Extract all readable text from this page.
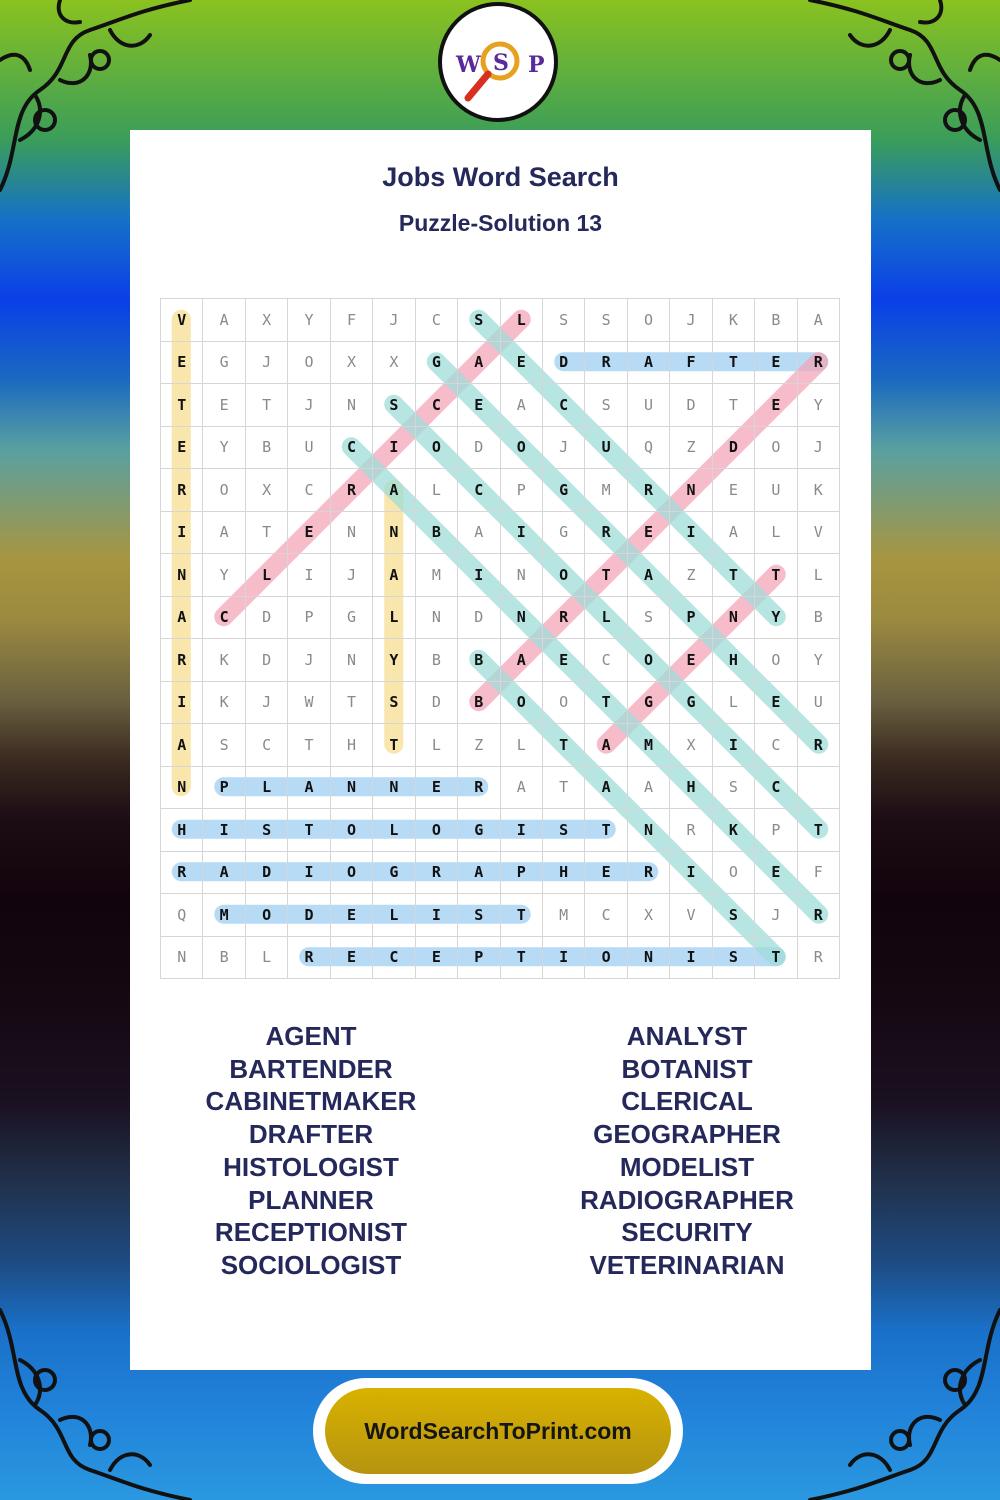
W S P
Jobs Word Search
Puzzle-Solution 13
V	A	X	Y	F	J	C	S	L	S	S	O	J	K	B	A
E	G	J	O	X	X	G	A	E	D	R	A	F	T	E	R
T	E	T	J	N	S	C	E	A	C	S	U	D	T	E	Y
E	Y	B	U	C	I	O	D	O	J	U	Q	Z	D	O	J
R	O	X	C	R	A	L	C	P	G	M	R	N	E	U	K
I	A	T	E	N	N	B	A	I	G	R	E	I	A	L	V
N	Y	L	I	J	A	M	I	N	O	T	A	Z	T	T	L
A	C	D	P	G	L	N	D	N	R	L	S	P	N	Y	B
R	K	D	J	N	Y	B	B	A	E	C	O	E	H	O	Y
I	K	J	W	T	S	D	B	O	O	T	G	G	L	E	U
A	S	C	T	H	T	L	Z	L	T	A	M	X	I	C	R
N	P	L	A	N	N	E	R	A	T	A	A	H	S	C	
H	I	S	T	O	L	O	G	I	S	T	N	R	K	P	T
R	A	D	I	O	G	R	A	P	H	E	R	I	O	E	F
Q	M	O	D	E	L	I	S	T	M	C	X	V	S	J	R
N	B	L	R	E	C	E	P	T	I	O	N	I	S	T	R
AGENT
BARTENDER
CABINETMAKER
DRAFTER
HISTOLOGIST
PLANNER
RECEPTIONIST
SOCIOLOGIST
ANALYST
BOTANIST
CLERICAL
GEOGRAPHER
MODELIST
RADIOGRAPHER
SECURITY
VETERINARIAN
WordSearchToPrint.com
